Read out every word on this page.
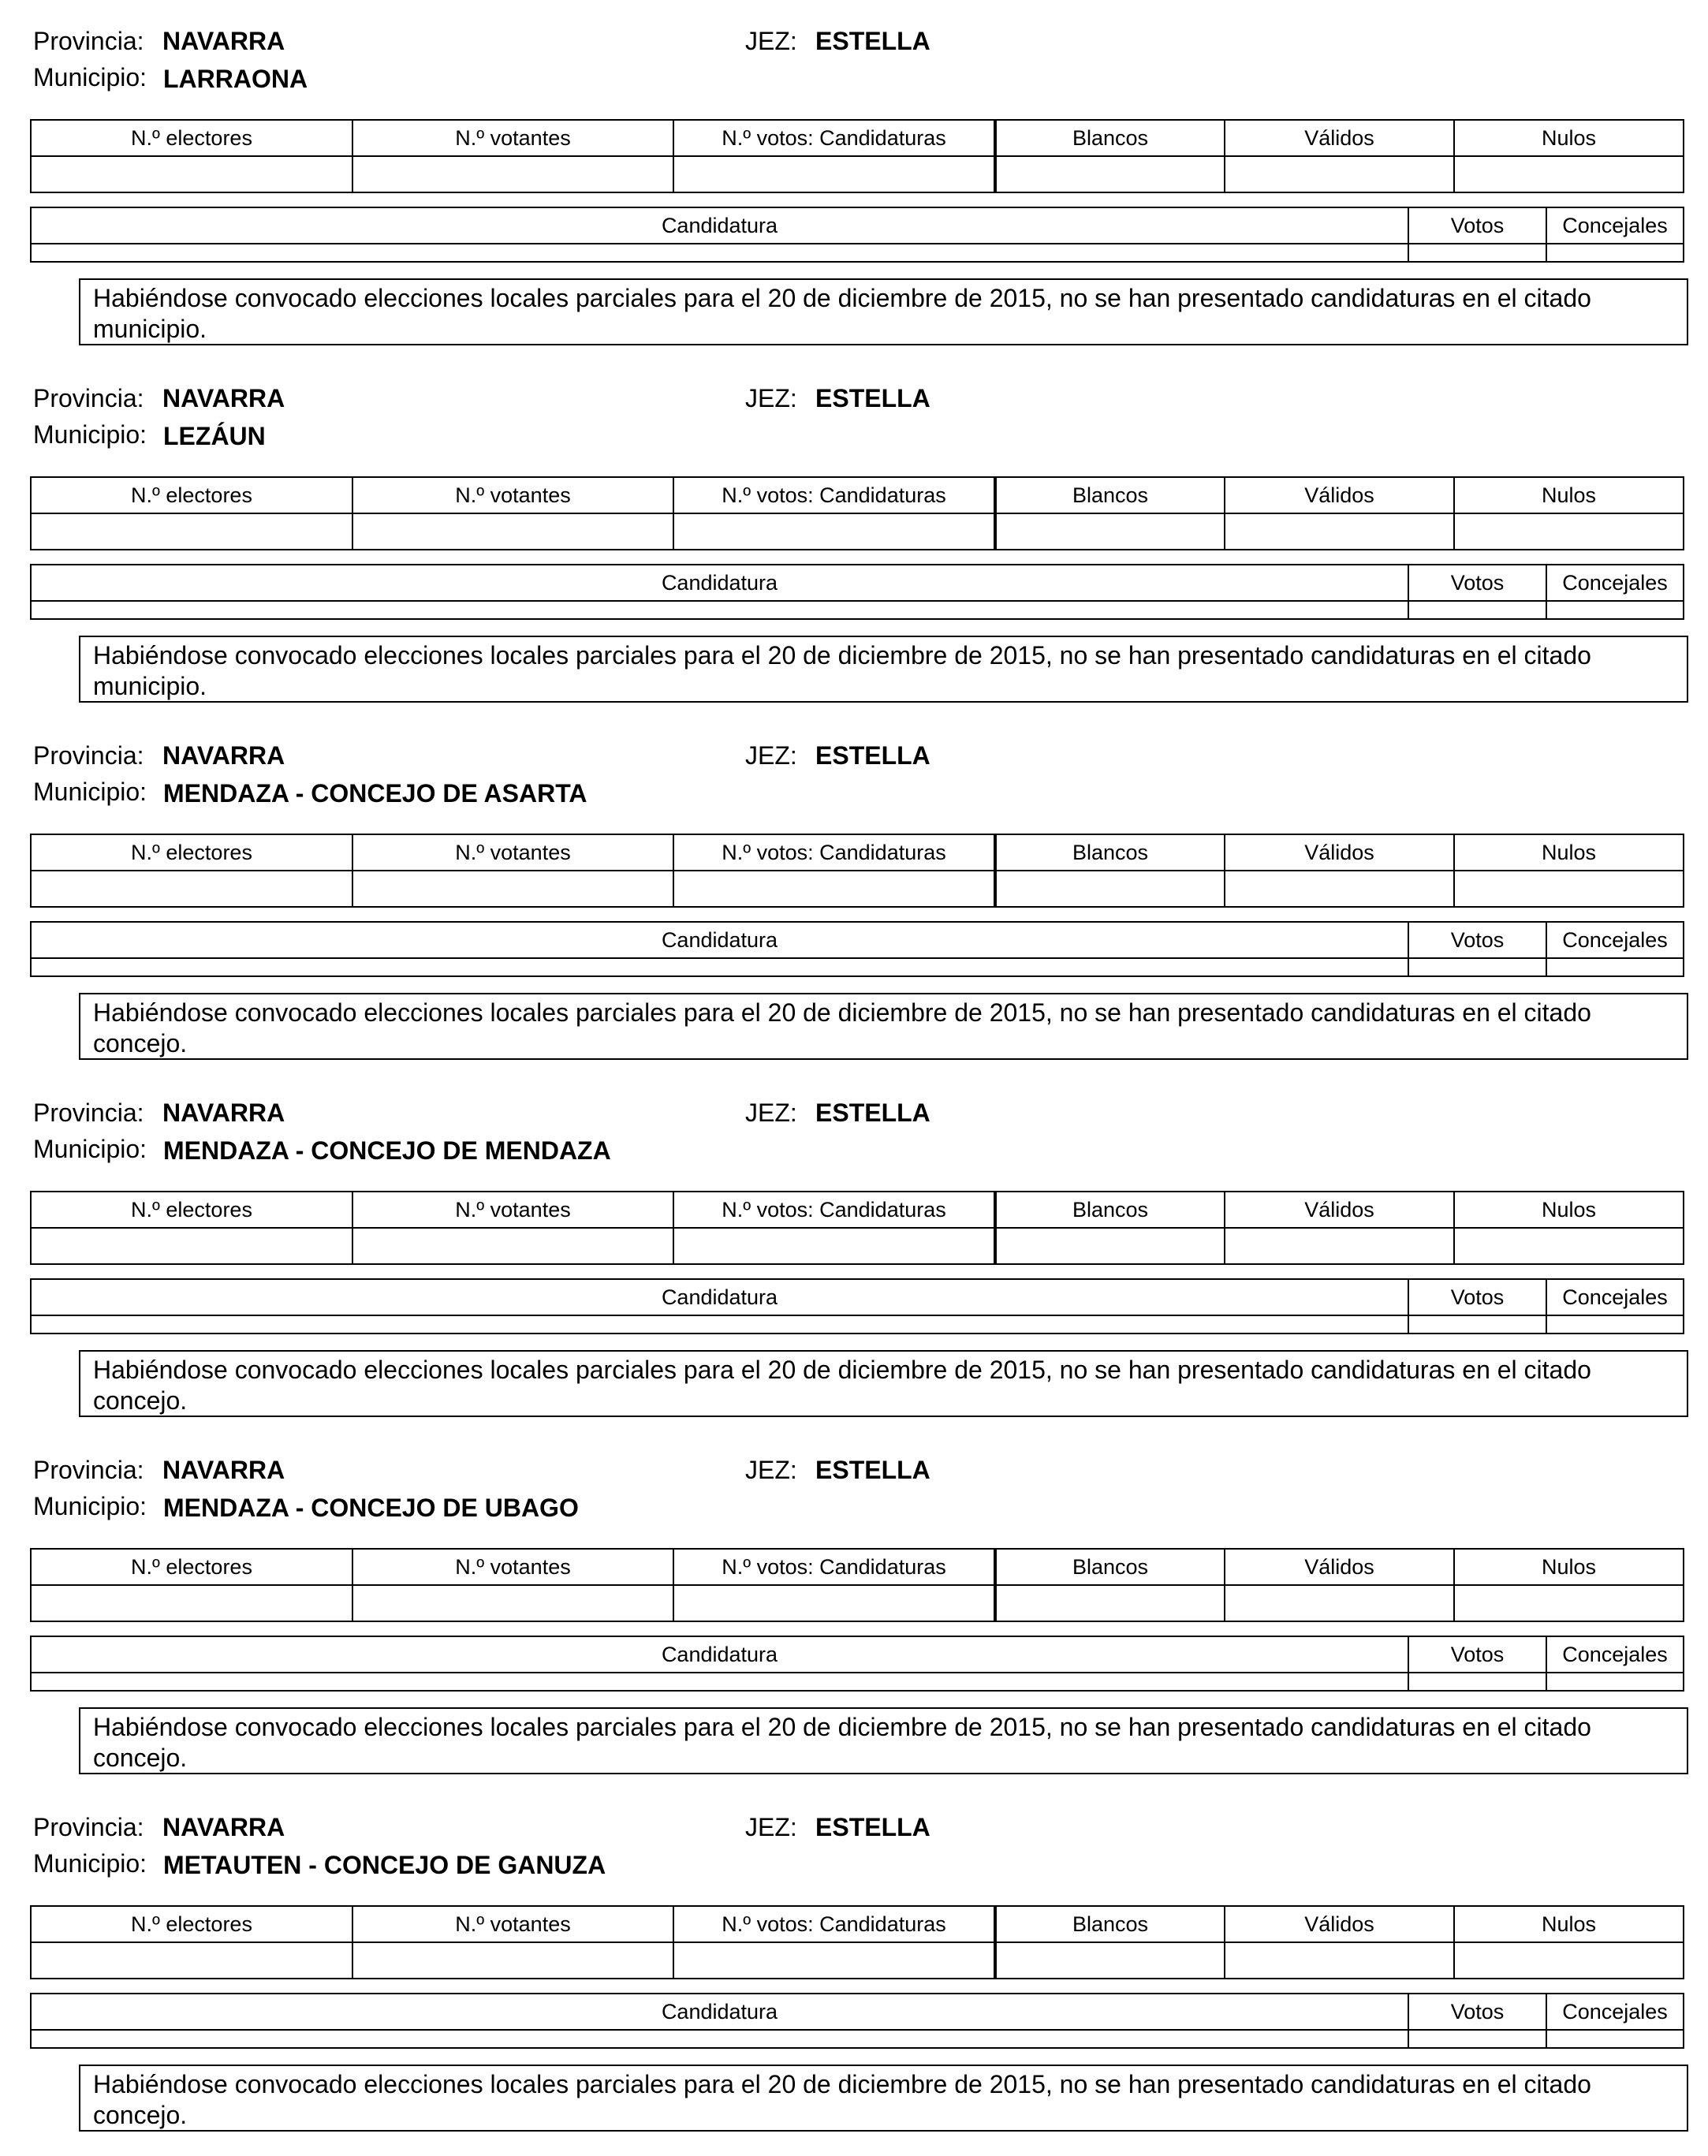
Provincia: NAVARRA	JEZ: ESTELLA
Municipio: LARRAONA
N.º electores	N.º votantes	N.º votos: Candidaturas	Blancos	Válidos	Nulos
Candidatura	Votos	Concejales
Habiéndose convocado elecciones locales parciales para el 20 de diciembre de 2015, no se han presentado candidaturas en el citado municipio.
Provincia: NAVARRA	JEZ: ESTELLA
Municipio: LEZÁUN
N.º electores	N.º votantes	N.º votos: Candidaturas	Blancos	Válidos	Nulos
Candidatura	Votos	Concejales
Habiéndose convocado elecciones locales parciales para el 20 de diciembre de 2015, no se han presentado candidaturas en el citado municipio.
Provincia: NAVARRA	JEZ: ESTELLA
Municipio: MENDAZA - CONCEJO DE ASARTA
N.º electores	N.º votantes	N.º votos: Candidaturas	Blancos	Válidos	Nulos
Candidatura	Votos	Concejales
Habiéndose convocado elecciones locales parciales para el 20 de diciembre de 2015, no se han presentado candidaturas en el citado concejo.
Provincia: NAVARRA	JEZ: ESTELLA
Municipio: MENDAZA - CONCEJO DE MENDAZA
N.º electores	N.º votantes	N.º votos: Candidaturas	Blancos	Válidos	Nulos
Candidatura	Votos	Concejales
Habiéndose convocado elecciones locales parciales para el 20 de diciembre de 2015, no se han presentado candidaturas en el citado concejo.
Provincia: NAVARRA	JEZ: ESTELLA
Municipio: MENDAZA - CONCEJO DE UBAGO
N.º electores	N.º votantes	N.º votos: Candidaturas	Blancos	Válidos	Nulos
Candidatura	Votos	Concejales
Habiéndose convocado elecciones locales parciales para el 20 de diciembre de 2015, no se han presentado candidaturas en el citado concejo.
Provincia: NAVARRA	JEZ: ESTELLA
Municipio: METAUTEN - CONCEJO DE GANUZA
N.º electores	N.º votantes	N.º votos: Candidaturas	Blancos	Válidos	Nulos
Candidatura	Votos	Concejales
Habiéndose convocado elecciones locales parciales para el 20 de diciembre de 2015, no se han presentado candidaturas en el citado concejo.
